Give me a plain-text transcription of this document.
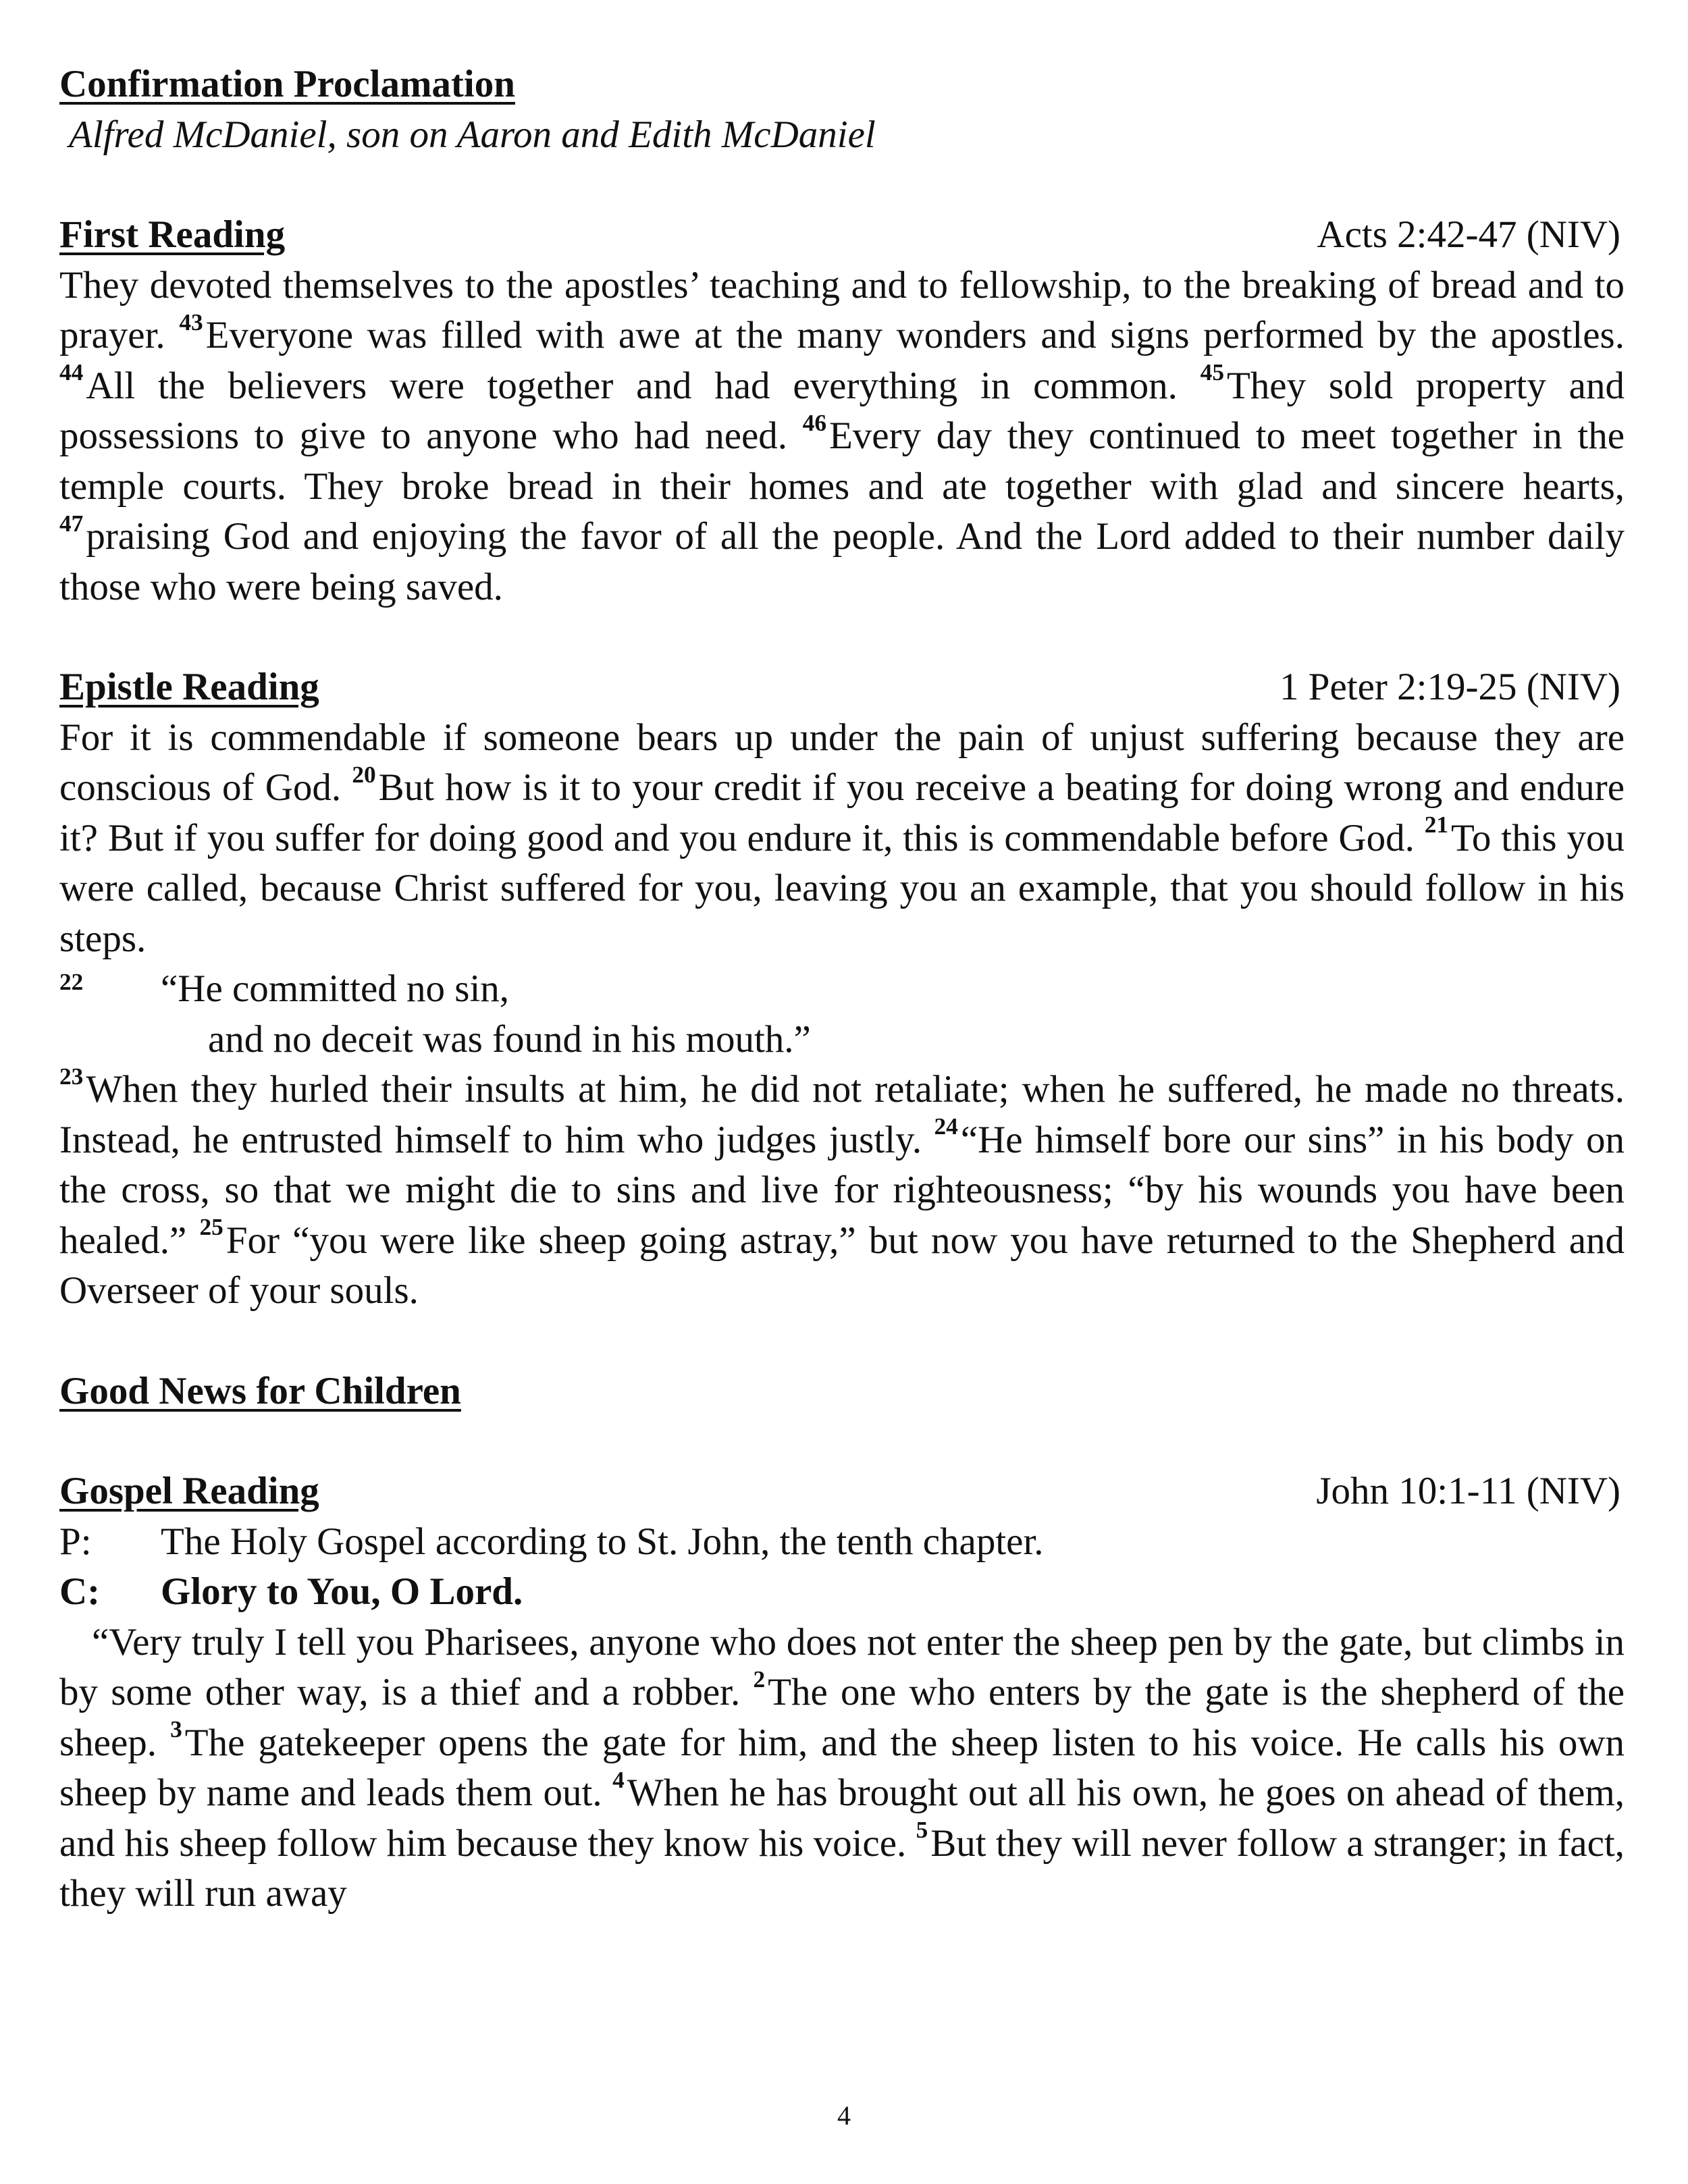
Confirmation Proclamation
Alfred McDaniel, son on Aaron and Edith McDaniel
First Reading	Acts 2:42-47 (NIV)
They devoted themselves to the apostles’ teaching and to fellowship, to the breaking of bread and to prayer. $^{43}$Everyone was filled with awe at the many wonders and signs performed by the apostles. $^{44}$All the believers were together and had everything in common. $^{45}$They sold property and possessions to give to anyone who had need. $^{46}$Every day they continued to meet together in the temple courts. They broke bread in their homes and ate together with glad and sincere hearts, $^{47}$praising God and enjoying the favor of all the people. And the Lord added to their number daily those who were being saved.
Epistle Reading	1 Peter 2:19-25 (NIV)
For it is commendable if someone bears up under the pain of unjust suffering because they are conscious of God. $^{20}$But how is it to your credit if you receive a beating for doing wrong and endure it? But if you suffer for doing good and you endure it, this is commendable before God. $^{21}$To this you were called, because Christ suffered for you, leaving you an example, that you should follow in his steps.
22	“He committed no sin,
and no deceit was found in his mouth.”
$^{23}$When they hurled their insults at him, he did not retaliate; when he suffered, he made no threats. Instead, he entrusted himself to him who judges justly. $^{24}$“He himself bore our sins” in his body on the cross, so that we might die to sins and live for righteousness; “by his wounds you have been healed.” $^{25}$For “you were like sheep going astray,” but now you have returned to the Shepherd and Overseer of your souls.
Good News for Children
Gospel Reading	John 10:1-11 (NIV)
P:	The Holy Gospel according to St. John, the tenth chapter.
C:	Glory to You, O Lord.
“Very truly I tell you Pharisees, anyone who does not enter the sheep pen by the gate, but climbs in by some other way, is a thief and a robber. $^2$The one who enters by the gate is the shepherd of the sheep. $^3$The gatekeeper opens the gate for him, and the sheep listen to his voice. He calls his own sheep by name and leads them out. $^4$When he has brought out all his own, he goes on ahead of them, and his sheep follow him because they know his voice. $^5$But they will never follow a stranger; in fact, they will run away
4
